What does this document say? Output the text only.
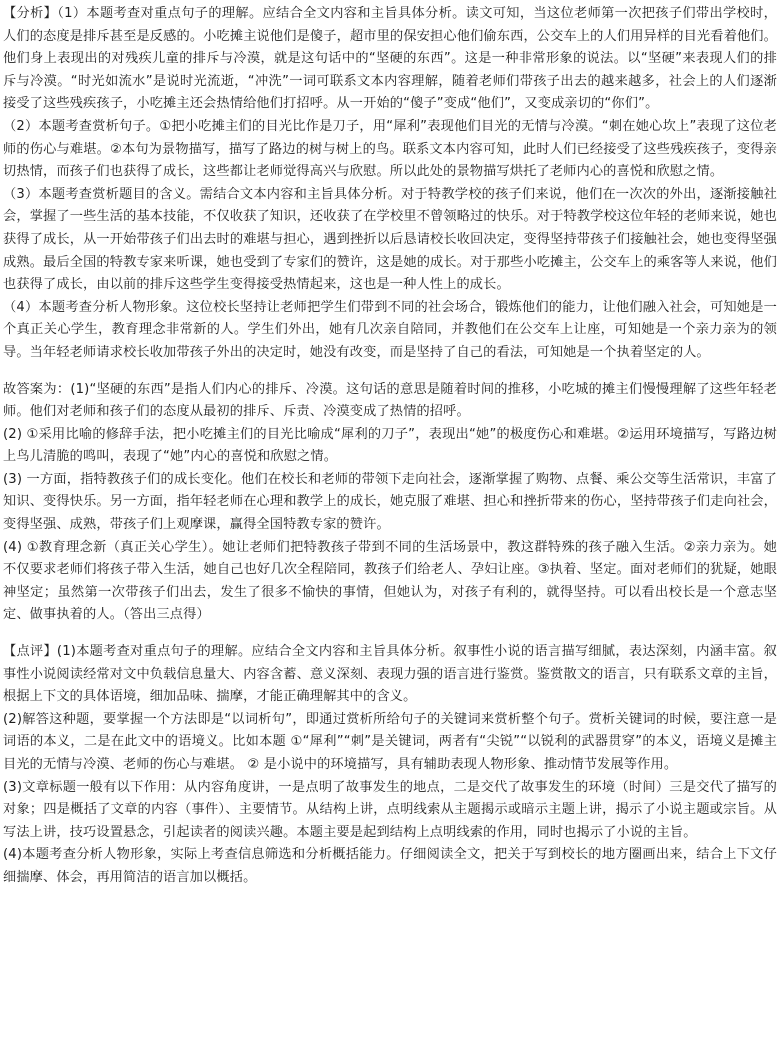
【分析】（1）本题考查对重点句子的理解。应结合全文内容和主旨具体分析。读文可知，当这位老师第一次把孩子们带出学校时，人们的态度是排斥甚至是反感的。小吃摊主说他们是傻子，超市里的保安担心他们偷东西，公交车上的人们用异样的目光看着他们。他们身上表现出的对残疾儿童的排斥与冷漠，就是这句话中的“坚硬的东西”。这是一种非常形象的说法。以“坚硬”来表现人们的排斥与冷漠。“时光如流水”是说时光流逝，“冲洗”一词可联系文本内容理解，随着老师们带孩子出去的越来越多，社会上的人们逐渐接受了这些残疾孩子，小吃摊主还会热情给他们打招呼。从一开始的“傻子”变成“他们”，又变成亲切的“你们”。

（2）本题考查赏析句子。①把小吃摊主们的目光比作是刀子，用“犀利”表现他们目光的无情与冷漠。“刺在她心坎上”表现了这位老师的伤心与难堪。②本句为景物描写，描写了路边的树与树上的鸟。联系文本内容可知，此时人们已经接受了这些残疾孩子，变得亲切热情，而孩子们也获得了成长，这些都让老师觉得高兴与欣慰。所以此处的景物描写烘托了老师内心的喜悦和欣慰之情。

（3）本题考查赏析题目的含义。需结合文本内容和主旨具体分析。对于特教学校的孩子们来说，他们在一次次的外出，逐渐接触社会，掌握了一些生活的基本技能，不仅收获了知识，还收获了在学校里不曾领略过的快乐。对于特教学校这位年轻的老师来说，她也获得了成长，从一开始带孩子们出去时的难堪与担心，遇到挫折以后恳请校长收回决定，变得坚持带孩子们接触社会，她也变得坚强成熟。最后全国的特教专家来听课，她也受到了专家们的赞许，这是她的成长。对于那些小吃摊主，公交车上的乘客等人来说，他们也获得了成长，由以前的排斥这些学生变得接受热情起来，这也是一种人性上的成长。

（4）本题考查分析人物形象。这位校长坚持让老师把学生们带到不同的社会场合，锻炼他们的能力，让他们融入社会，可知她是一个真正关心学生，教育理念非常新的人。学生们外出，她有几次亲自陪同，并教他们在公交车上让座，可知她是一个亲力亲为的领导。当年轻老师请求校长收加带孩子外出的决定时，她没有改变，而是坚持了自己的看法，可知她是一个执着坚定的人。

故答案为：(1)“坚硬的东西”是指人们内心的排斥、冷漠。这句话的意思是随着时间的推移，小吃城的摊主们慢慢理解了这些年轻老师。他们对老师和孩子们的态度从最初的排斥、斥责、冷漠变成了热情的招呼。

(2) ①采用比喻的修辞手法，把小吃摊主们的目光比喻成“犀利的刀子”，表现出“她”的极度伤心和难堪。②运用环境描写，写路边树上鸟儿清脆的鸣叫，表现了“她”内心的喜悦和欣慰之情。

(3) 一方面，指特教孩子们的成长变化。他们在校长和老师的带领下走向社会，逐渐掌握了购物、点餐、乘公交等生活常识，丰富了知识、变得快乐。另一方面，指年轻老师在心理和教学上的成长，她克服了难堪、担心和挫折带来的伤心，坚持带孩子们走向社会，变得坚强、成熟，带孩子们上观摩课，赢得全国特教专家的赞许。

(4) ①教育理念新（真正关心学生）。她让老师们把特教孩子带到不同的生活场景中，教这群特殊的孩子融入生活。②亲力亲为。她不仅要求老师们将孩子带入生活，她自己也好几次全程陪同，教孩子们给老人、孕妇让座。③执着、坚定。面对老师们的犹疑，她眼神坚定；虽然第一次带孩子们出去，发生了很多不愉快的事情，但她认为，对孩子有利的，就得坚持。可以看出校长是一个意志坚定、做事执着的人。（答出三点得）

【点评】(1)本题考查对重点句子的理解。应结合全文内容和主旨具体分析。叙事性小说的语言描写细腻，表达深刻，内涵丰富。叙事性小说阅读经常对文中负载信息量大、内容含蓄、意义深刻、表现力强的语言进行鉴赏。鉴赏散文的语言，只有联系文章的主旨，根据上下文的具体语境，细加品味、揣摩，才能正确理解其中的含义。

(2)解答这种题，要掌握一个方法即是“以词析句”，即通过赏析所给句子的关键词来赏析整个句子。赏析关键词的时候，要注意一是词语的本义，二是在此文中的语境义。比如本题 ①“犀利”“刺”是关键词，两者有“尖锐”“以锐利的武器贯穿”的本义，语境义是摊主目光的无情与冷漠、老师的伤心与难堪。 ② 是小说中的环境描写，具有辅助表现人物形象、推动情节发展等作用。

(3)文章标题一般有以下作用：从内容角度讲，一是点明了故事发生的地点，二是交代了故事发生的环境（时间）三是交代了描写的对象；四是概括了文章的内容（事件）、主要情节。从结构上讲，点明线索从主题揭示或暗示主题上讲，揭示了小说主题或宗旨。从写法上讲，技巧设置悬念，引起读者的阅读兴趣。本题主要是起到结构上点明线索的作用，同时也揭示了小说的主旨。

(4)本题考查分析人物形象，实际上考查信息筛选和分析概括能力。仔细阅读全文，把关于写到校长的地方圈画出来，结合上下文仔细揣摩、体会，再用简洁的语言加以概括。
